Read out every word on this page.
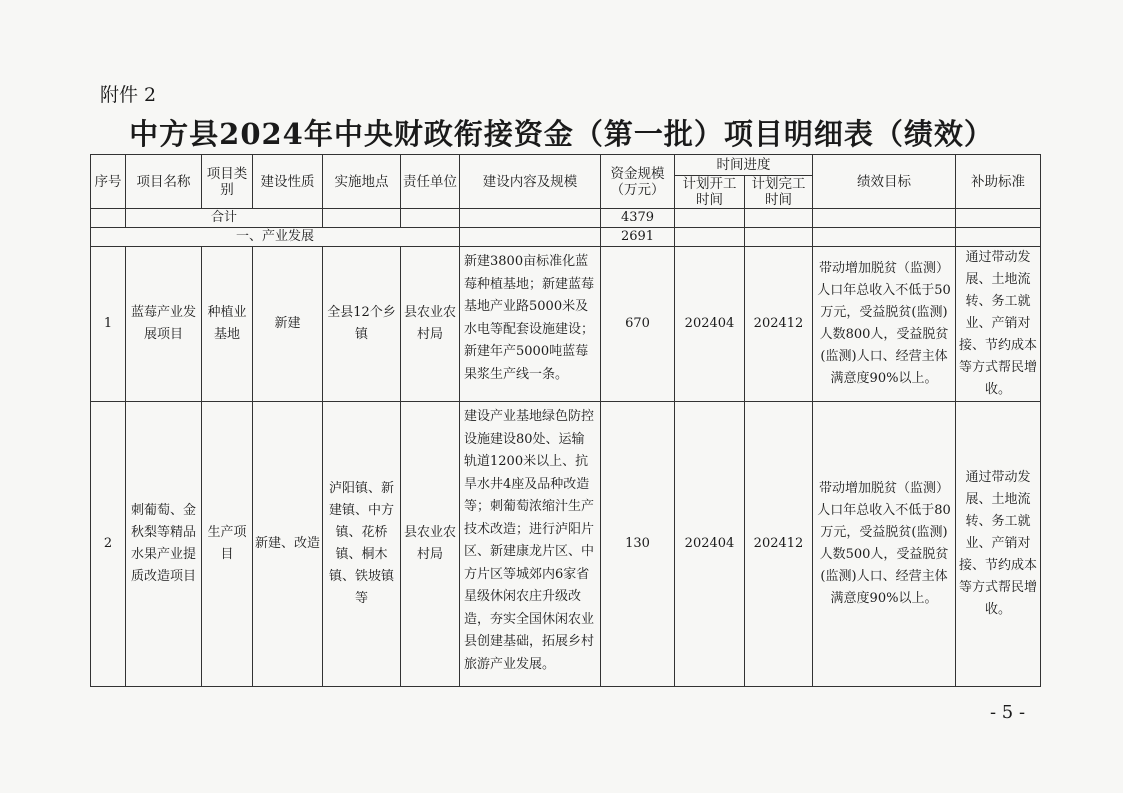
附件 2
中方县2024年中央财政衔接资金（第一批）项目明细表（绩效）
序号	项目名称	项目类别	建设性质	实施地点	责任单位	建设内容及规模	资金规模（万元）	时间进度		绩效目标	补助标准
								计划开工时间	计划完工时间		
	合计						4379				
一、产业发展							2691				
1	蓝莓产业发展项目	种植业基地	新建	全县12个乡镇	县农业农村局	新建3800亩标准化蓝莓种植基地；新建蓝莓基地产业路5000米及水电等配套设施建设；新建年产5000吨蓝莓果浆生产线一条。	670	202404	202412	带动增加脱贫（监测）人口年总收入不低于50万元，受益脱贫(监测)人数800人，受益脱贫(监测)人口、经营主体满意度90%以上。	通过带动发展、土地流转、务工就业、产销对接、节约成本等方式帮民增收。
2	刺葡萄、金秋梨等精品水果产业提质改造项目	生产项目	新建、改造	泸阳镇、新建镇、中方镇、花桥镇、桐木镇、铁坡镇等	县农业农村局	建设产业基地绿色防控设施建设80处、运输轨道1200米以上、抗旱水井4座及品种改造等；刺葡萄浓缩汁生产技术改造；进行泸阳片区、新建康龙片区、中方片区等城郊内6家省星级休闲农庄升级改造，夯实全国休闲农业县创建基础，拓展乡村旅游产业发展。	130	202404	202412	带动增加脱贫（监测）人口年总收入不低于80万元，受益脱贫(监测)人数500人，受益脱贫(监测)人口、经营主体满意度90%以上。	通过带动发展、土地流转、务工就业、产销对接、节约成本等方式帮民增收。
- 5 -
